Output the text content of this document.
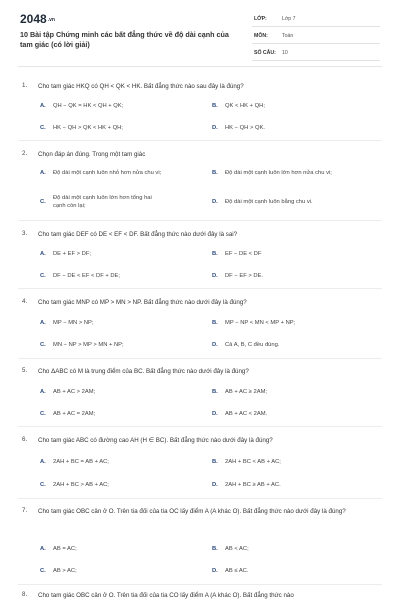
$2048^{.vn}$
10 Bài tập Chứng minh các bất đẳng thức về độ dài cạnh của tam giác (có lời giải)
LỚP:	Lớp 7
MÔN:	Toán
SỐ CÂU: 10
1. Cho tam giác HKQ có QH < QK < HK. Bất đẳng thức nào sau đây là đúng?
A. QH − QK = HK < QH + QK;	B. QK < HK + QH;
C. HK − QH > QK < HK + QH;	D. HK − QH > QK.
2. Chọn đáp án đúng. Trong một tam giác
A. Độ dài một cạnh luôn nhỏ hơn nửa chu vi;	B. Độ dài một cạnh luôn lớn hơn nửa chu vi;
C.
Độ dài một cạnh luôn lớn hơn tổng hai cạnh còn lại;
D. Độ dài một cạnh luôn bằng chu vi.
3. Cho tam giác DEF có DE < EF < DF. Bất đẳng thức nào dưới đây là sai?
A. DE + EF > DF;	B. EF − DE < DF
C. DF − DE < EF < DF + DE;	D. DF − EF > DE.
4. Cho tam giác MNP có MP > MN > NP. Bất đẳng thức nào dưới đây là đúng?
A. MP − MN > NP;	B. MP − NP < MN < MP + NP;
C. MN − NP > MP > MN + NP;	D. Cả A, B, C đều đúng.
5. Cho ΔABC có M là trung điểm của BC. Bất đẳng thức nào dưới đây là đúng?
A. AB + AC > 2AM;	B. AB + AC ≥ 2AM;
C. AB + AC = 2AM;	D. AB + AC < 2AM.
6. Cho tam giác ABC có đường cao AH (H ∈ BC). Bất đẳng thức nào dưới đây là đúng?
A. 2AH + BC = AB + AC;	B. 2AH + BC < AB + AC;
C. 2AH + BC > AB + AC;	D. 2AH + BC ≥ AB + AC.
7. Cho tam giác OBC cân ở O. Trên tia đối của tia OC lấy điểm A (A khác O). Bất đẳng thức nào dưới đây là đúng?
A. AB = AC;	B. AB < AC;
C. AB > AC;	D. AB ≤ AC.
8. Cho tam giác OBC cân ở O. Trên tia đối của tia CO lấy điểm A (A khác O). Bất đẳng thức nào
